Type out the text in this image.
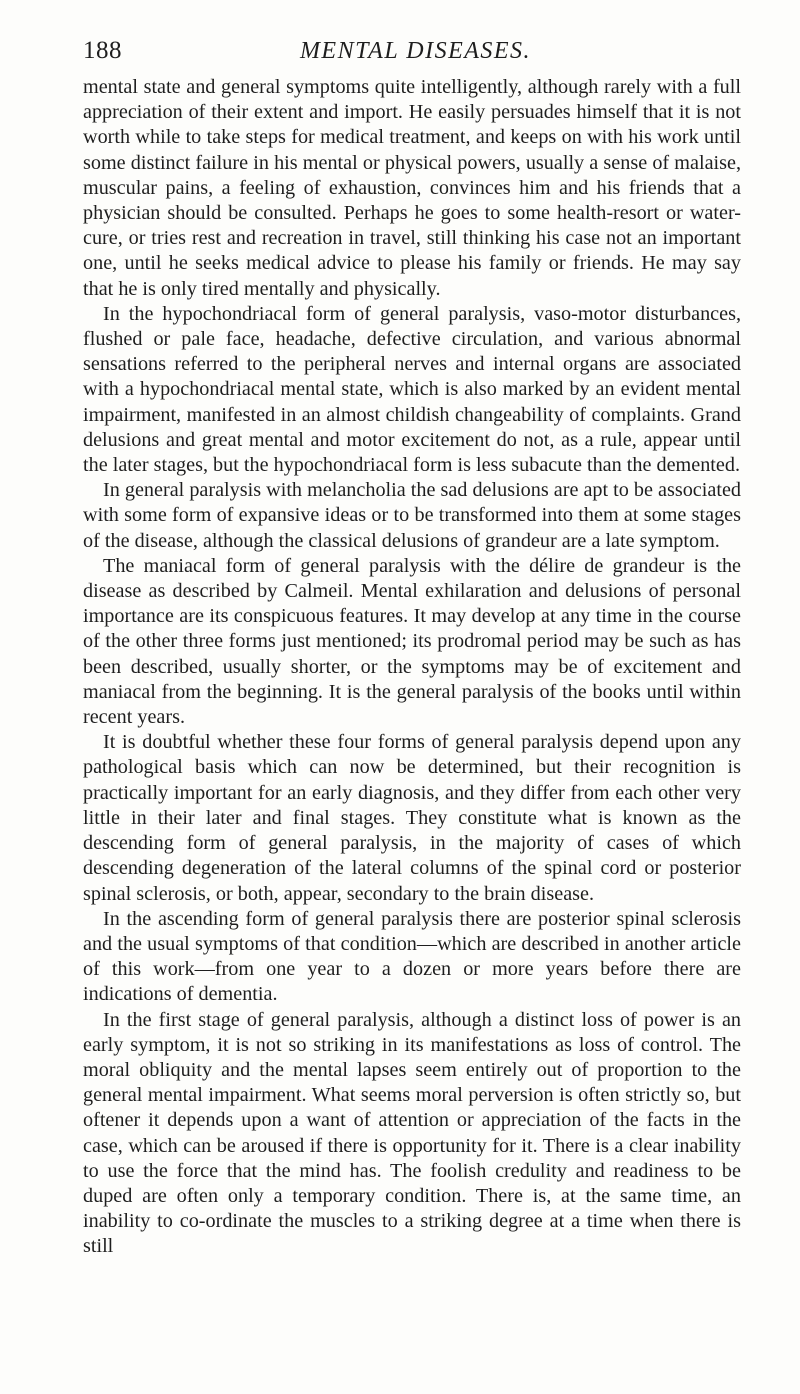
188	MENTAL DISEASES.

mental state and general symptoms quite intelligently, although rarely with a full appreciation of their extent and import. He easily persuades himself that it is not worth while to take steps for medical treatment, and keeps on with his work until some distinct failure in his mental or physical powers, usually a sense of malaise, muscular pains, a feeling of exhaustion, convinces him and his friends that a physician should be consulted. Perhaps he goes to some health-resort or water-cure, or tries rest and recreation in travel, still thinking his case not an important one, until he seeks medical advice to please his family or friends. He may say that he is only tired mentally and physically.

In the hypochondriacal form of general paralysis, vaso-motor disturbances, flushed or pale face, headache, defective circulation, and various abnormal sensations referred to the peripheral nerves and internal organs are associated with a hypochondriacal mental state, which is also marked by an evident mental impairment, manifested in an almost childish changeability of complaints. Grand delusions and great mental and motor excitement do not, as a rule, appear until the later stages, but the hypochondriacal form is less subacute than the demented.

In general paralysis with melancholia the sad delusions are apt to be associated with some form of expansive ideas or to be transformed into them at some stages of the disease, although the classical delusions of grandeur are a late symptom.

The maniacal form of general paralysis with the délire de grandeur is the disease as described by Calmeil. Mental exhilaration and delusions of personal importance are its conspicuous features. It may develop at any time in the course of the other three forms just mentioned; its prodromal period may be such as has been described, usually shorter, or the symptoms may be of excitement and maniacal from the beginning. It is the general paralysis of the books until within recent years.

It is doubtful whether these four forms of general paralysis depend upon any pathological basis which can now be determined, but their recognition is practically important for an early diagnosis, and they differ from each other very little in their later and final stages. They constitute what is known as the descending form of general paralysis, in the majority of cases of which descending degeneration of the lateral columns of the spinal cord or posterior spinal sclerosis, or both, appear, secondary to the brain disease.

In the ascending form of general paralysis there are posterior spinal sclerosis and the usual symptoms of that condition—which are described in another article of this work—from one year to a dozen or more years before there are indications of dementia.

In the first stage of general paralysis, although a distinct loss of power is an early symptom, it is not so striking in its manifestations as loss of control. The moral obliquity and the mental lapses seem entirely out of proportion to the general mental impairment. What seems moral perversion is often strictly so, but oftener it depends upon a want of attention or appreciation of the facts in the case, which can be aroused if there is opportunity for it. There is a clear inability to use the force that the mind has. The foolish credulity and readiness to be duped are often only a temporary condition. There is, at the same time, an inability to co-ordinate the muscles to a striking degree at a time when there is still
